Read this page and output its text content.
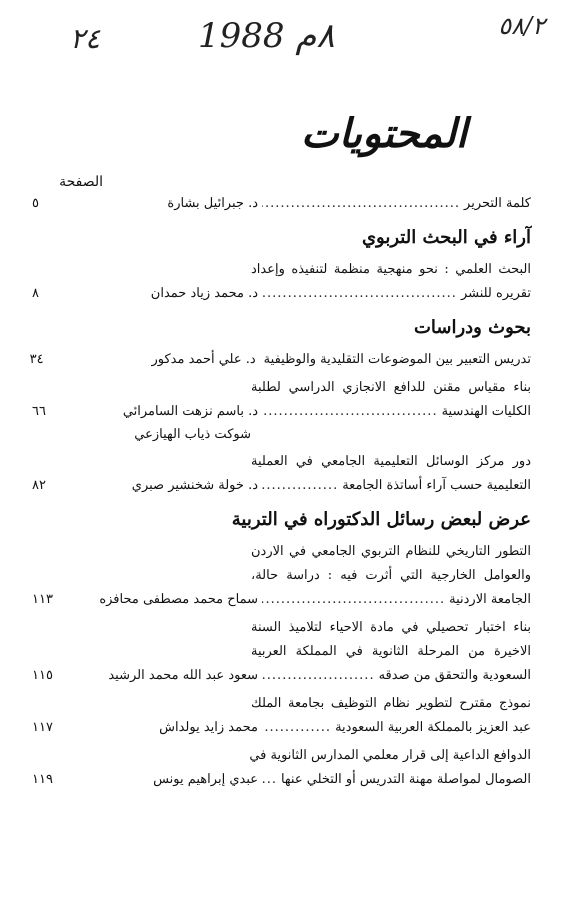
٢٤	٨م 1988	٥٨/٢
المحتويات
الصفحة
كلمة التحرير
.....
د. جبرائيل بشارة
٥
آراء في البحث التربوي
البحث العلمي : نحو منهجية منظمة لتنفيذه وإعداد
تقريره للنشر
.....
د. محمد زياد حمدان
٨
بحوث ودراسات
تدريس التعبير بين الموضوعات التقليدية والوظيفية
د. علي أحمد مدكور
٣٤
بناء مقياس مقنن للدافع الانجازي الدراسي لطلبة
الكليات الهندسية
.....
د. باسم نزهت السامرائي
٦٦
شوكت ذياب الهيازعي
دور مركز الوسائل التعليمية الجامعي في العملية
التعليمية حسب آراء أساتذة الجامعة
.....
د. خولة شخنشير صبري
٨٢
عرض لبعض رسائل الدكتوراه في التربية
التطور التاريخي للنظام التربوي الجامعي في الاردن
والعوامل الخارجية التي أثرت فيه : دراسة حالة،
الجامعة الاردنية
.....
سماح محمد مصطفى محافزه
١١٣
بناء اختبار تحصيلي في مادة الاحياء لتلاميذ السنة
الاخيرة من المرحلة الثانوية في المملكة العربية
السعودية والتحقق من صدقه
.....
سعود عبد الله محمد الرشيد
١١٥
نموذج مقترح لتطوير نظام التوظيف بجامعة الملك
عبد العزيز بالمملكة العربية السعودية
.....
محمد زايد يولداش
١١٧
الدوافع الداعية إلى قرار معلمي المدارس الثانوية في
الصومال لمواصلة مهنة التدريس أو التخلي عنها
.....
عبدي إبراهيم يونس
١١٩
